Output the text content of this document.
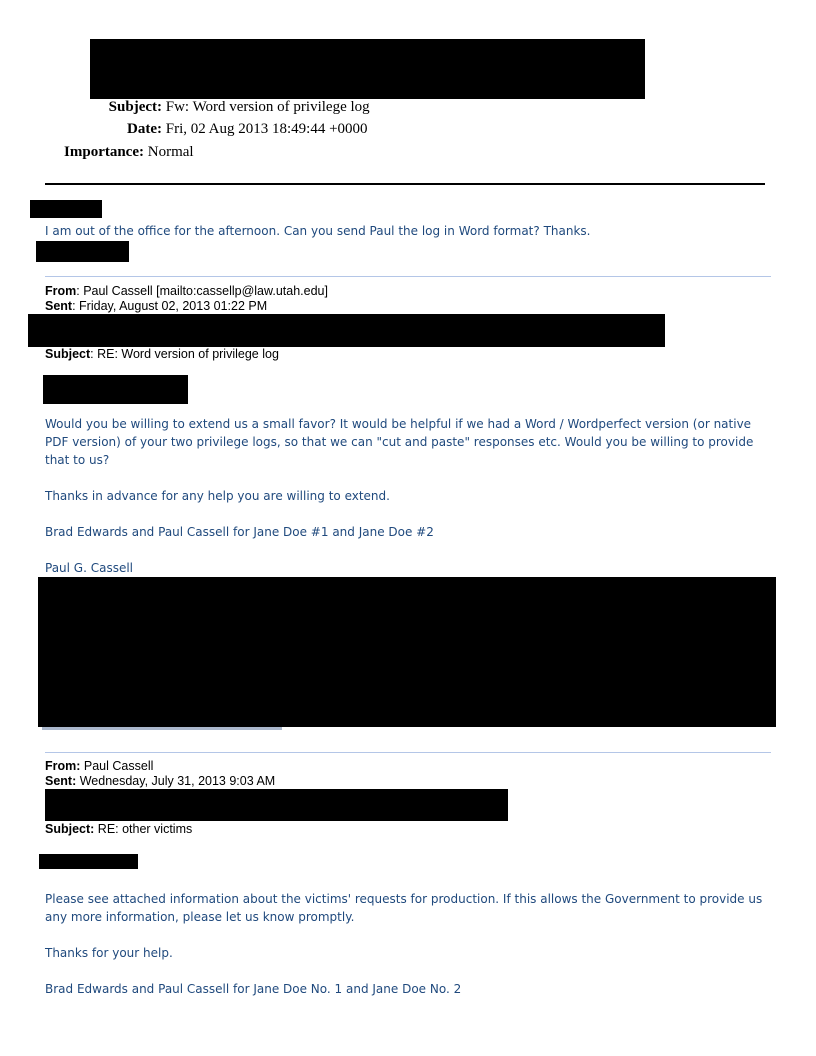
Subject: Fw: Word version of privilege log
Date: Fri, 02 Aug 2013 18:49:44 +0000
Importance: Normal
I am out of the office for the afternoon. Can you send Paul the log in Word format? Thanks.
From: Paul Cassell [mailto:cassellp@law.utah.edu]
Sent: Friday, August 02, 2013 01:22 PM
Subject: RE: Word version of privilege log
Would you be willing to extend us a small favor? It would be helpful if we had a Word / Wordperfect version (or native PDF version) of your two privilege logs, so that we can "cut and paste" responses etc. Would you be willing to provide that to us?
Thanks in advance for any help you are willing to extend.
Brad Edwards and Paul Cassell for Jane Doe #1 and Jane Doe #2
Paul G. Cassell
From: Paul Cassell
Sent: Wednesday, July 31, 2013 9:03 AM
Subject: RE: other victims
Please see attached information about the victims' requests for production. If this allows the Government to provide us any more information, please let us know promptly.
Thanks for your help.
Brad Edwards and Paul Cassell for Jane Doe No. 1 and Jane Doe No. 2
